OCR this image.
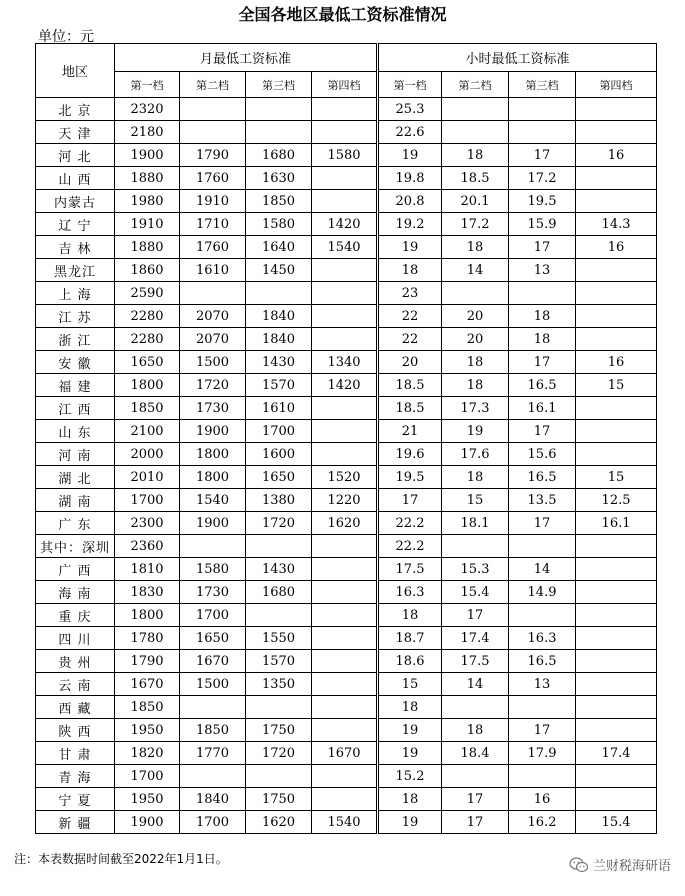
全国各地区最低工资标准情况
单位：元
地区	月最低工资标准				小时最低工资标准			
	第一档	第二档	第三档	第四档	第一档	第二档	第三档	第四档
北 京	2320				25.3			
天 津	2180				22.6			
河 北	1900	1790	1680	1580	19	18	17	16
山 西	1880	1760	1630		19.8	18.5	17.2	
内蒙古	1980	1910	1850		20.8	20.1	19.5	
辽 宁	1910	1710	1580	1420	19.2	17.2	15.9	14.3
吉 林	1880	1760	1640	1540	19	18	17	16
黑龙江	1860	1610	1450		18	14	13	
上 海	2590				23			
江 苏	2280	2070	1840		22	20	18	
浙 江	2280	2070	1840		22	20	18	
安 徽	1650	1500	1430	1340	20	18	17	16
福 建	1800	1720	1570	1420	18.5	18	16.5	15
江 西	1850	1730	1610		18.5	17.3	16.1	
山 东	2100	1900	1700		21	19	17	
河 南	2000	1800	1600		19.6	17.6	15.6	
湖 北	2010	1800	1650	1520	19.5	18	16.5	15
湖 南	1700	1540	1380	1220	17	15	13.5	12.5
广 东	2300	1900	1720	1620	22.2	18.1	17	16.1
其中：深圳	2360				22.2			
广 西	1810	1580	1430		17.5	15.3	14	
海 南	1830	1730	1680		16.3	15.4	14.9	
重 庆	1800	1700			18	17		
四 川	1780	1650	1550		18.7	17.4	16.3	
贵 州	1790	1670	1570		18.6	17.5	16.5	
云 南	1670	1500	1350		15	14	13	
西 藏	1850				18			
陕 西	1950	1850	1750		19	18	17	
甘 肃	1820	1770	1720	1670	19	18.4	17.9	17.4
青 海	1700				15.2			
宁 夏	1950	1840	1750		18	17	16	
新 疆	1900	1700	1620	1540	19	17	16.2	15.4
注：本表数据时间截至2022年1月1日。	兰财税海研语
